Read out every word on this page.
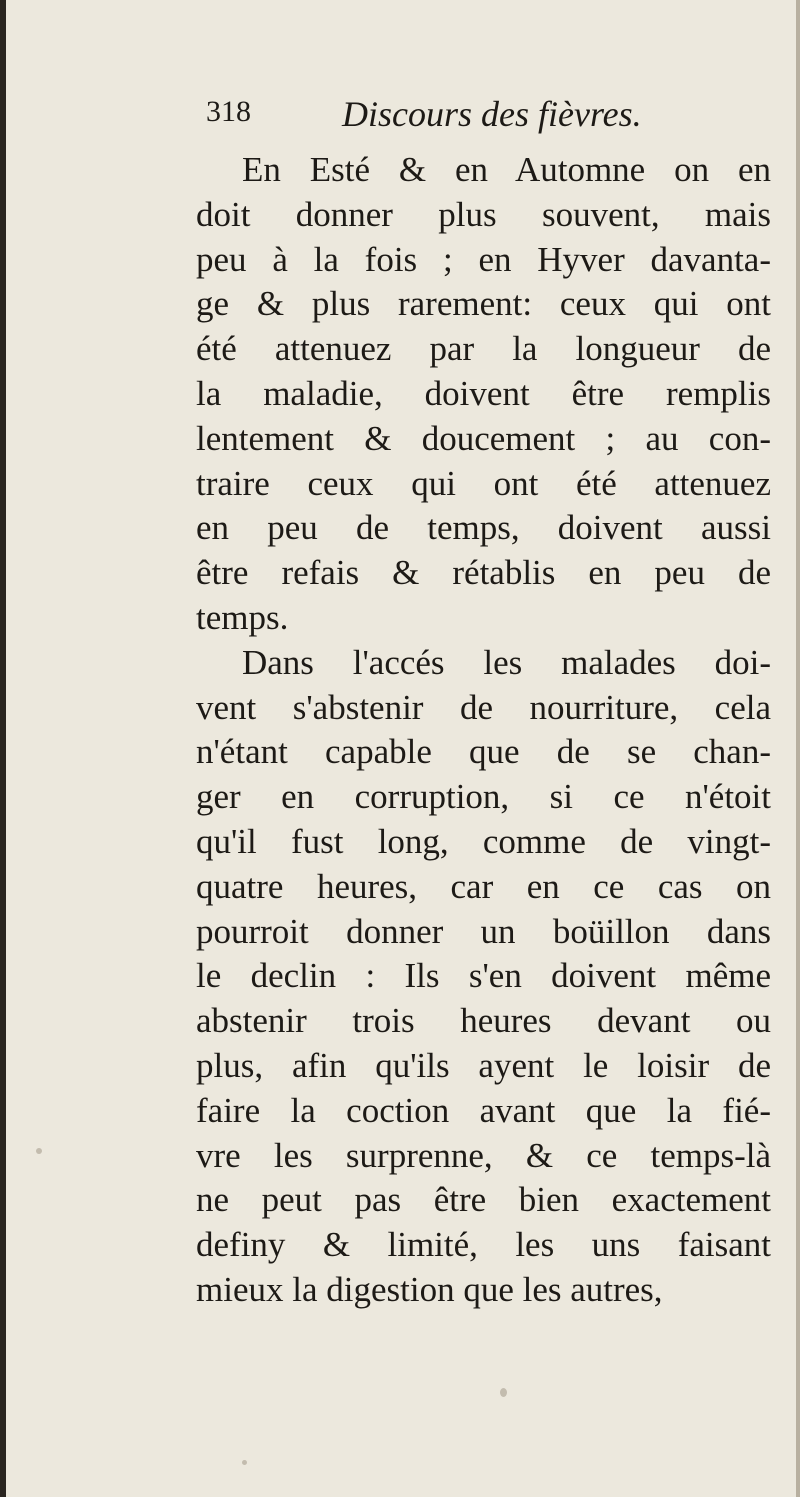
318	Discours des fièvres.
En Esté & en Automne on en
doit donner plus souvent, mais
peu à la fois ; en Hyver davanta-
ge & plus rarement: ceux qui ont
été attenuez par la longueur de
la maladie, doivent être remplis
lentement & doucement ; au con-
traire ceux qui ont été attenuez
en peu de temps, doivent aussi
être refais & rétablis en peu de
temps.
Dans l'accés les malades doi-
vent s'abstenir de nourriture, cela
n'étant capable que de se chan-
ger en corruption, si ce n'étoit
qu'il fust long, comme de vingt-
quatre heures, car en ce cas on
pourroit donner un boüillon dans
le declin : Ils s'en doivent même
abstenir trois heures devant ou
plus, afin qu'ils ayent le loisir de
faire la coction avant que la fié-
vre les surprenne, & ce temps-là
ne peut pas être bien exactement
definy & limité, les uns faisant
mieux la digestion que les autres,
